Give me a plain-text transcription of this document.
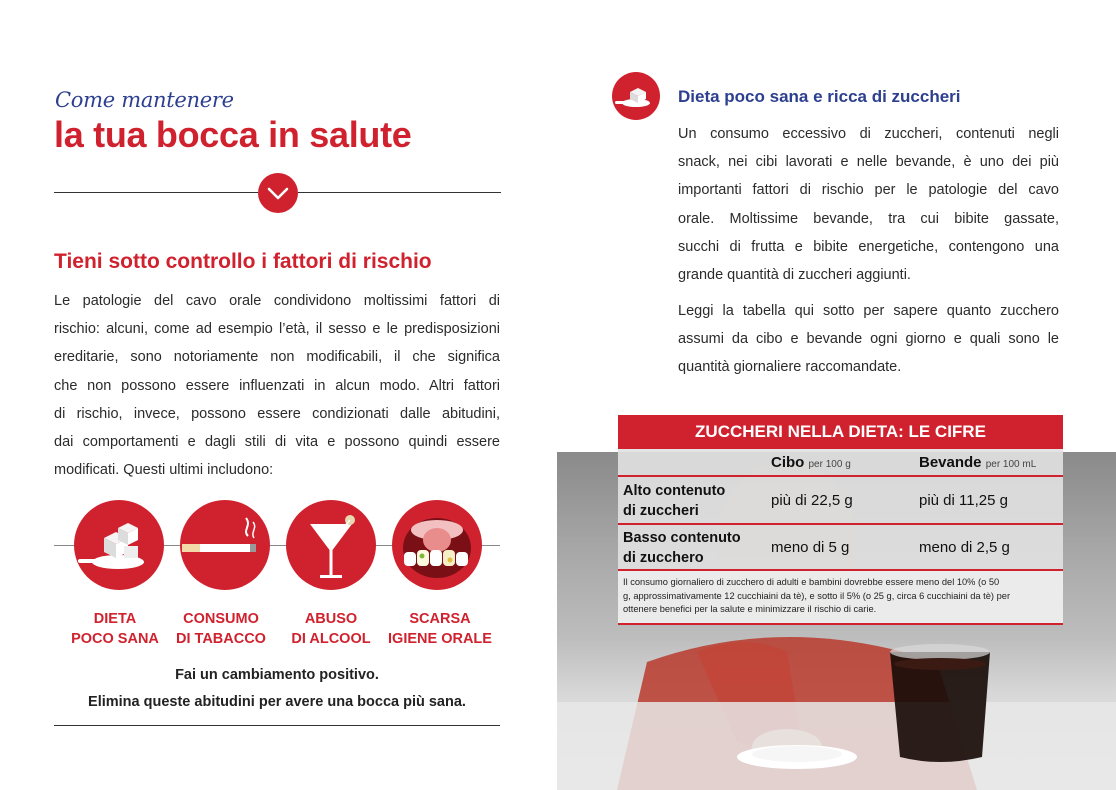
Come mantenere
la tua bocca in salute
Tieni sotto controllo i fattori di rischio
Le patologie del cavo orale condividono moltissimi fattori di
rischio: alcuni, come ad esempio l’età, il sesso e le predisposizioni
ereditarie, sono notoriamente non modificabili, il che significa
che non possono essere influenzati in alcun modo. Altri fattori
di rischio, invece, possono essere condizionati dalle abitudini,
dai comportamenti e dagli stili di vita e possono quindi essere
modificati. Questi ultimi includono:
DIETA
POCO SANA
CONSUMO
DI TABACCO
ABUSO
DI ALCOOL
SCARSA
IGIENE ORALE
Fai un cambiamento positivo.
Elimina queste abitudini per avere una bocca più sana.
Dieta poco sana e ricca di zuccheri
Un consumo eccessivo di zuccheri, contenuti negli
snack, nei cibi lavorati e nelle bevande, è uno dei più
importanti fattori di rischio per le patologie del cavo
orale. Moltissime bevande, tra cui bibite gassate,
succhi di frutta e bibite energetiche, contengono una
grande quantità di zuccheri aggiunti.
Leggi la tabella qui sotto per sapere quanto zucchero
assumi da cibo e bevande ogni giorno e quali sono le
quantità giornaliere raccomandate.
ZUCCHERI NELLA DIETA: LE CIFRE
Cibo per 100 g	Bevande per 100 mL
Alto contenuto
di zuccheri
più di 22,5 g	più di 11,25 g
Basso contenuto
di zucchero
meno di 5 g	meno di 2,5 g
Il consumo giornaliero di zucchero di adulti e bambini dovrebbe essere meno del 10% (o 50
g, approssimativamente 12 cucchiaini da tè), e sotto il 5% (o 25 g, circa 6 cucchiaini da tè) per
ottenere benefici per la salute e minimizzare il rischio di carie.
